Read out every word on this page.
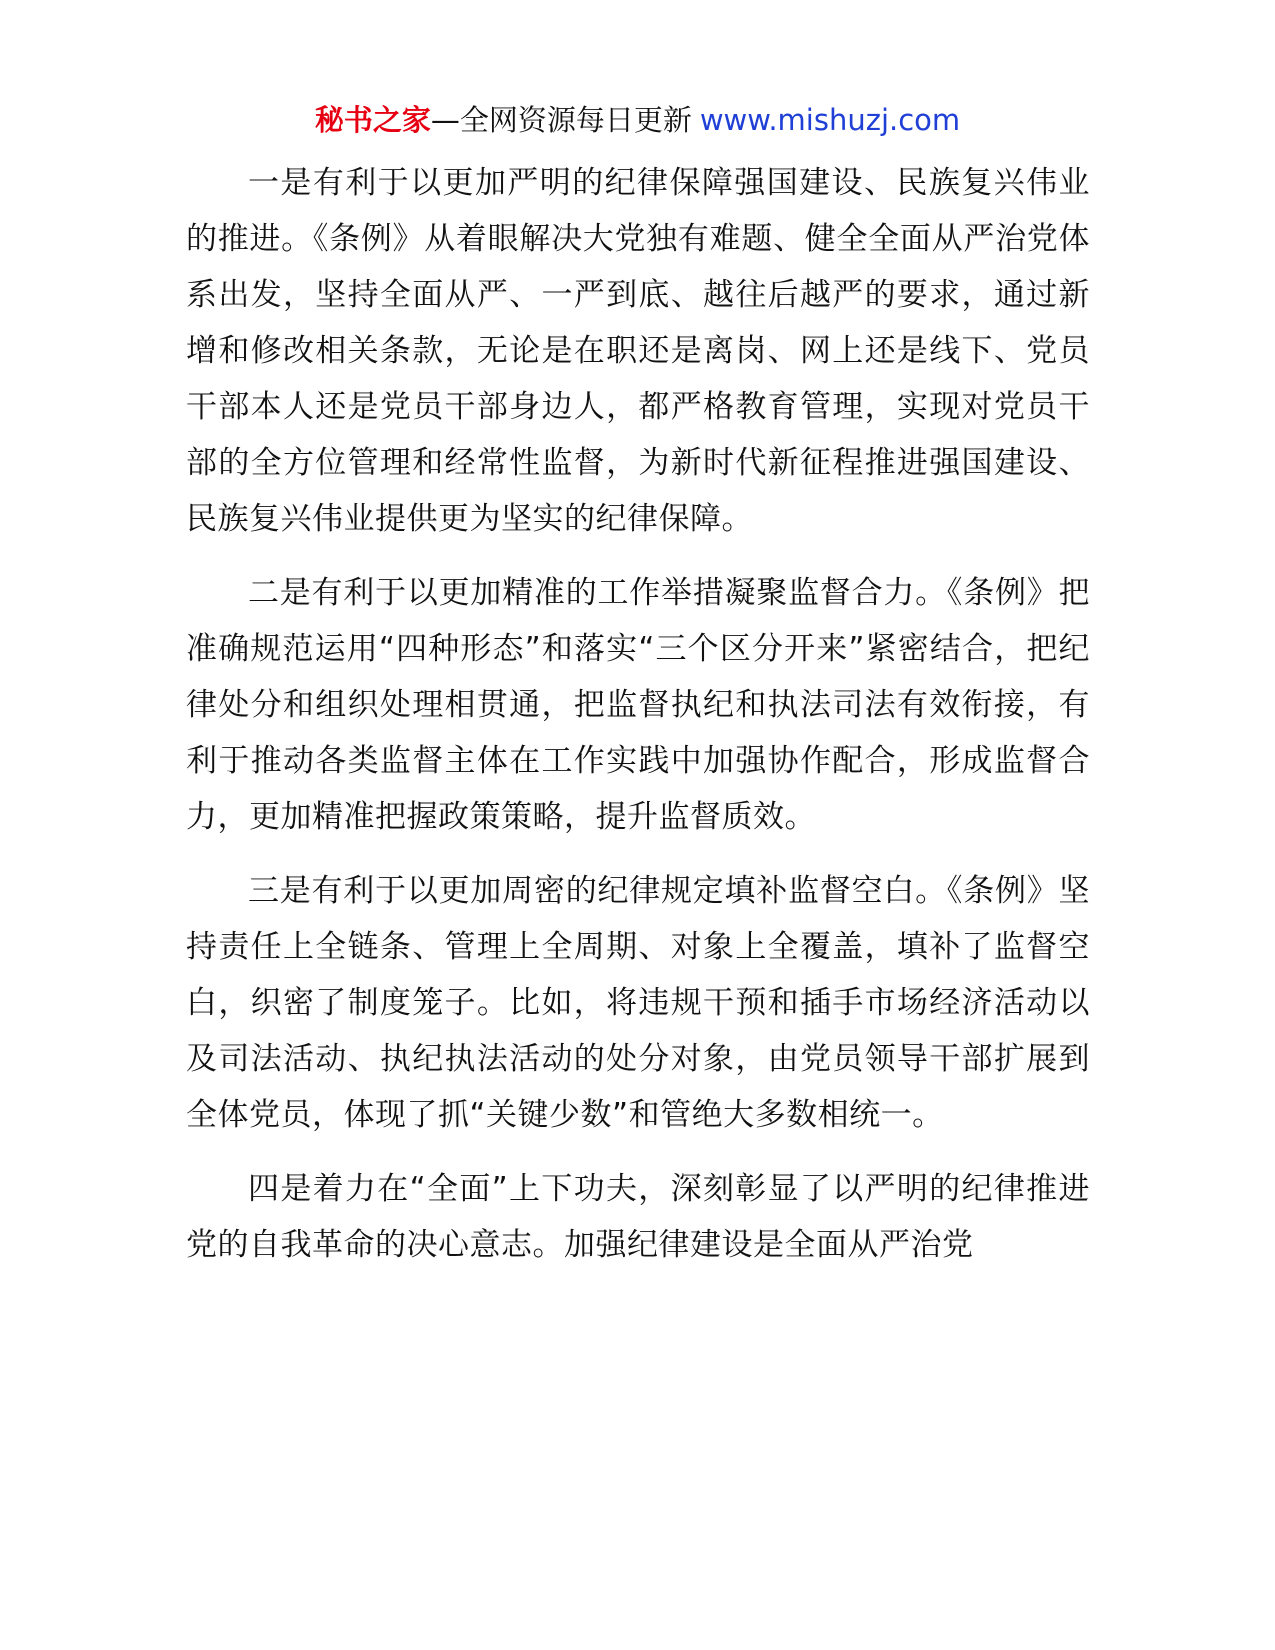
秘书之家—全网资源每日更新 www.mishuzj.com

一是有利于以更加严明的纪律保障强国建设、民族复兴伟业的推进。《条例》从着眼解决大党独有难题、健全全面从严治党体系出发，坚持全面从严、一严到底、越往后越严的要求，通过新增和修改相关条款，无论是在职还是离岗、网上还是线下、党员干部本人还是党员干部身边人，都严格教育管理，实现对党员干部的全方位管理和经常性监督，为新时代新征程推进强国建设、民族复兴伟业提供更为坚实的纪律保障。

二是有利于以更加精准的工作举措凝聚监督合力。《条例》把准确规范运用“四种形态”和落实“三个区分开来”紧密结合，把纪律处分和组织处理相贯通，把监督执纪和执法司法有效衔接，有利于推动各类监督主体在工作实践中加强协作配合，形成监督合力，更加精准把握政策策略，提升监督质效。

三是有利于以更加周密的纪律规定填补监督空白。《条例》坚持责任上全链条、管理上全周期、对象上全覆盖，填补了监督空白，织密了制度笼子。比如，将违规干预和插手市场经济活动以及司法活动、执纪执法活动的处分对象，由党员领导干部扩展到全体党员，体现了抓“关键少数”和管绝大多数相统一。

四是着力在“全面”上下功夫，深刻彰显了以严明的纪律推进党的自我革命的决心意志。加强纪律建设是全面从严治党
